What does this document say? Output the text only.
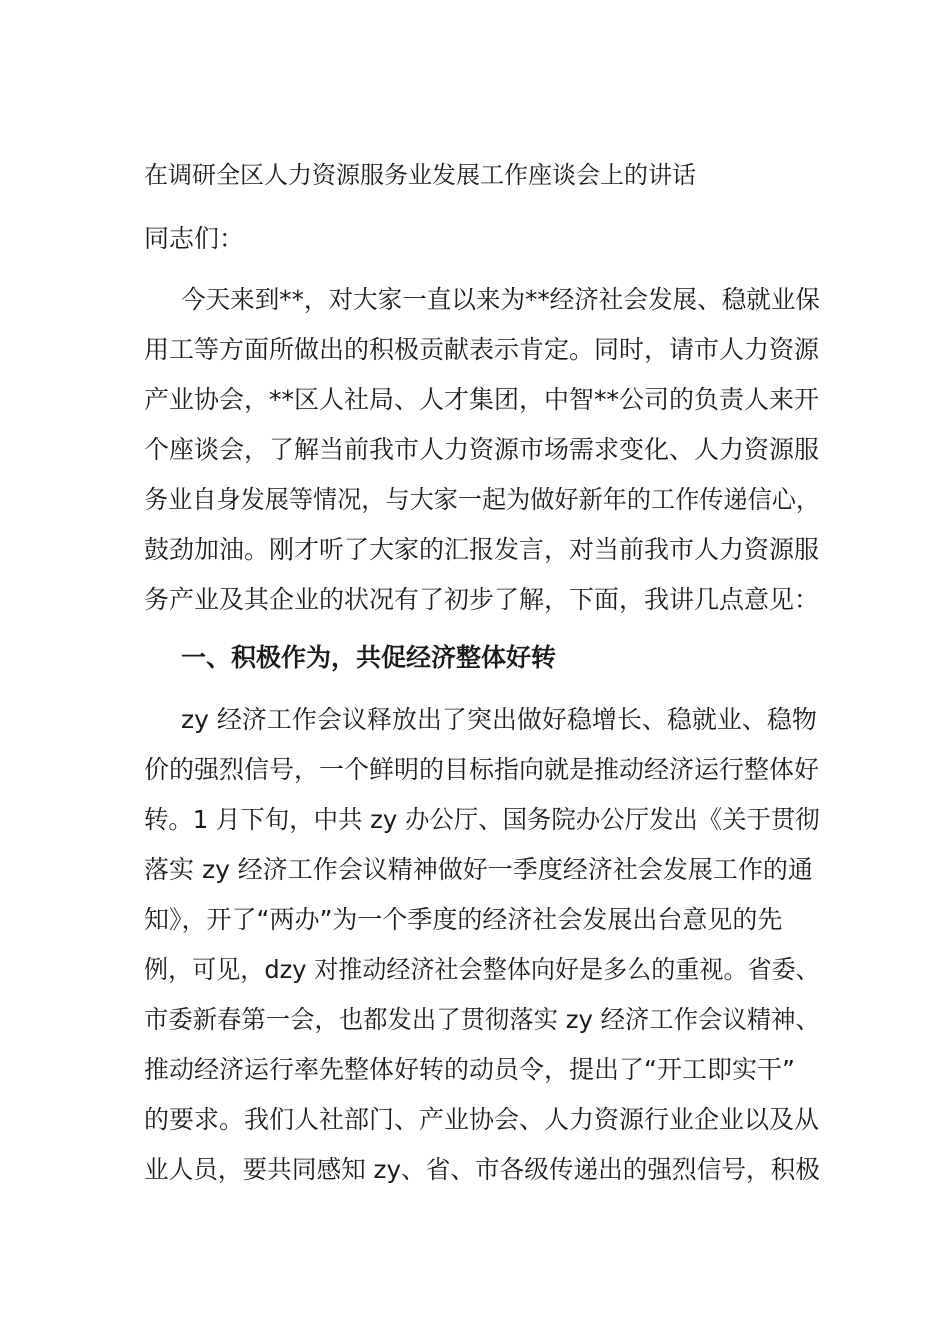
在调研全区人力资源服务业发展工作座谈会上的讲话
同志们：
今天来到**，对大家一直以来为**经济社会发展、稳就业保
用工等方面所做出的积极贡献表示肯定。同时，请市人力资源
产业协会，**区人社局、人才集团，中智**公司的负责人来开
个座谈会，了解当前我市人力资源市场需求变化、人力资源服
务业自身发展等情况，与大家一起为做好新年的工作传递信心，
鼓劲加油。刚才听了大家的汇报发言，对当前我市人力资源服
务产业及其企业的状况有了初步了解，下面，我讲几点意见：
一、积极作为，共促经济整体好转
zy 经济工作会议释放出了突出做好稳增长、稳就业、稳物
价的强烈信号，一个鲜明的目标指向就是推动经济运行整体好
转。1 月下旬，中共 zy 办公厅、国务院办公厅发出《关于贯彻
落实 zy 经济工作会议精神做好一季度经济社会发展工作的通
知》，开了“两办”为一个季度的经济社会发展出台意见的先
例，可见，dzy 对推动经济社会整体向好是多么的重视。省委、
市委新春第一会，也都发出了贯彻落实 zy 经济工作会议精神、
推动经济运行率先整体好转的动员令，提出了“开工即实干”
的要求。我们人社部门、产业协会、人力资源行业企业以及从
业人员，要共同感知 zy、省、市各级传递出的强烈信号，积极
